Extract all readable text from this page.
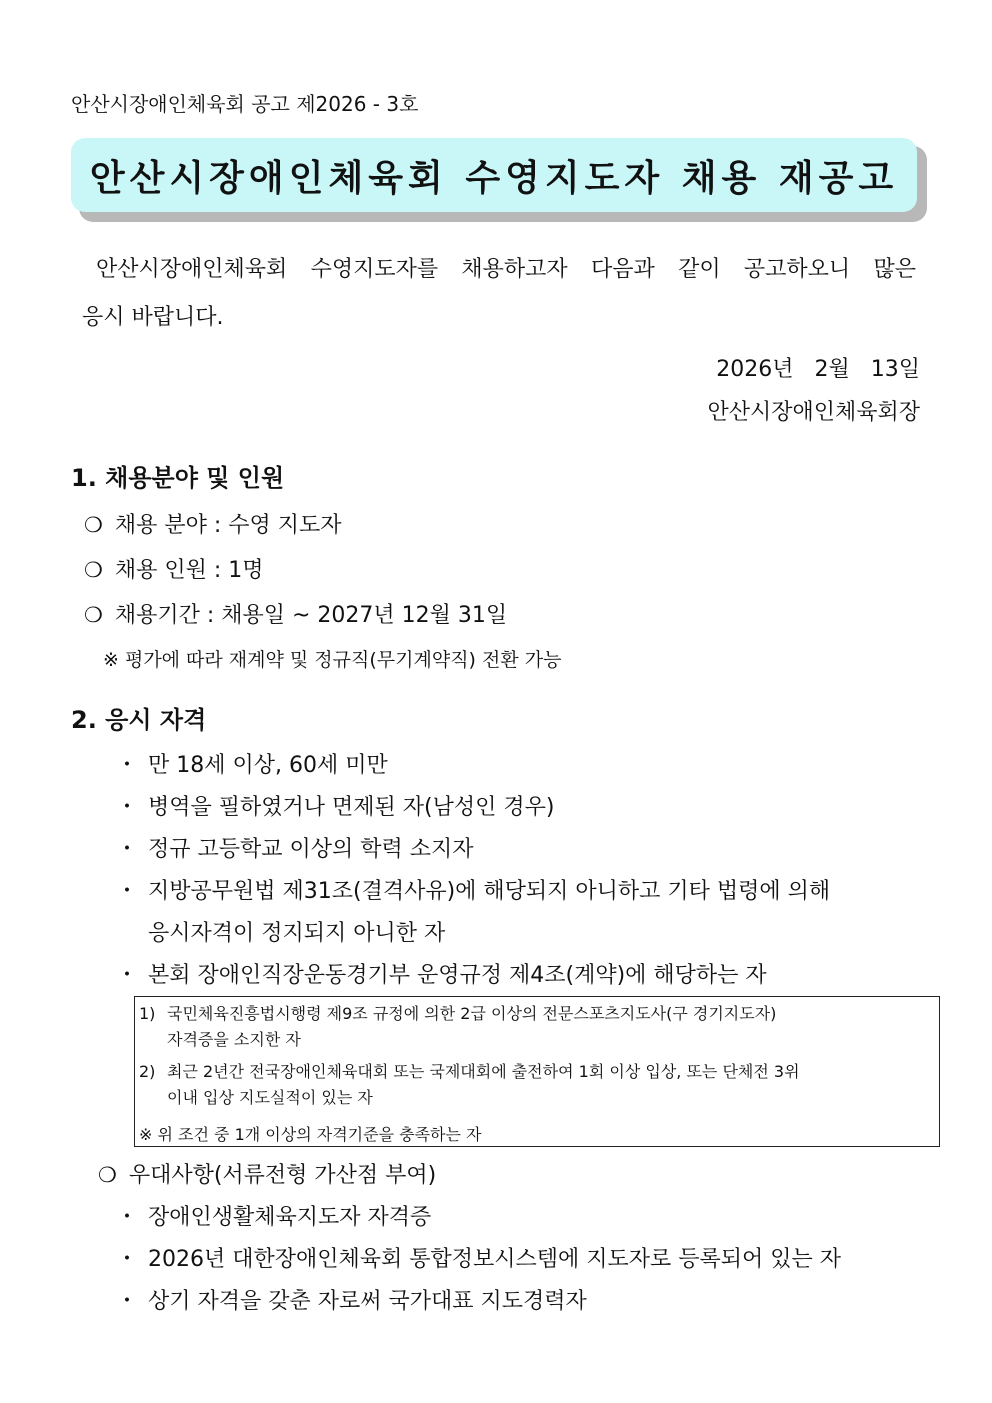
안산시장애인체육회 공고 제2026 - 3호
안산시장애인체육회 수영지도자 채용 재공고
안산시장애인체육회 수영지도자를 채용하고자 다음과 같이 공고하오니 많은
응시 바랍니다.
2026년   2월   13일
안산시장애인체육회장
1. 채용분야 및 인원
❍ 채용 분야 : 수영 지도자
❍ 채용 인원 : 1명
❍ 채용기간 : 채용일 ~ 2027년 12월 31일
※ 평가에 따라 재계약 및 정규직(무기계약직) 전환 가능
2. 응시 자격
・ 만 18세 이상, 60세 미만
・ 병역을 필하였거나 면제된 자(남성인 경우)
・ 정규 고등학교 이상의 학력 소지자
・ 지방공무원법 제31조(결격사유)에 해당되지 아니하고 기타 법령에 의해
응시자격이 정지되지 아니한 자
・ 본회 장애인직장운동경기부 운영규정 제4조(계약)에 해당하는 자
1) 국민체육진흥법시행령 제9조 규정에 의한 2급 이상의 전문스포츠지도사(구 경기지도자)
자격증을 소지한 자
2) 최근 2년간 전국장애인체육대회 또는 국제대회에 출전하여 1회 이상 입상, 또는 단체전 3위
이내 입상 지도실적이 있는 자
※ 위 조건 중 1개 이상의 자격기준을 충족하는 자
❍ 우대사항(서류전형 가산점 부여)
・ 장애인생활체육지도자 자격증
・ 2026년 대한장애인체육회 통합정보시스템에 지도자로 등록되어 있는 자
・ 상기 자격을 갖춘 자로써 국가대표 지도경력자
